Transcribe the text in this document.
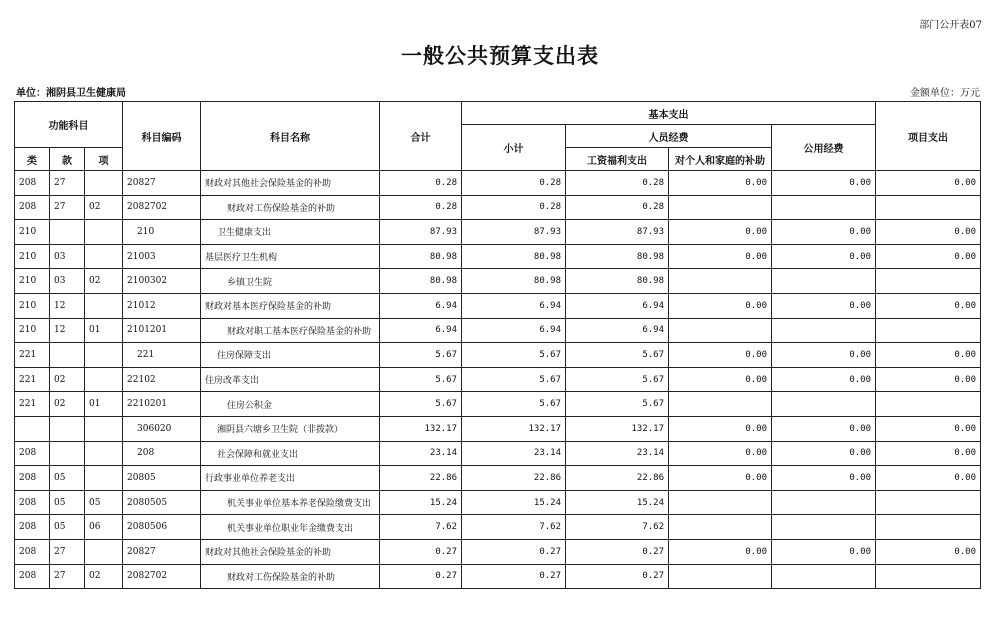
部门公开表07
一般公共预算支出表
单位：湘阴县卫生健康局	金额单位：万元
功能科目			科目编码	科目名称	合计	基本支出				项目支出
						小计	人员经费		公用经费	
类	款	项					工资福利支出	对个人和家庭的补助		
208	27		20827	财政对其他社会保险基金的补助	0.28	0.28	0.28	0.00	0.00	0.00
208	27	02	2082702	财政对工伤保险基金的补助	0.28	0.28	0.28			
210			210	卫生健康支出	87.93	87.93	87.93	0.00	0.00	0.00
210	03		21003	基层医疗卫生机构	80.98	80.98	80.98	0.00	0.00	0.00
210	03	02	2100302	乡镇卫生院	80.98	80.98	80.98			
210	12		21012	财政对基本医疗保险基金的补助	6.94	6.94	6.94	0.00	0.00	0.00
210	12	01	2101201	财政对职工基本医疗保险基金的补助	6.94	6.94	6.94			
221			221	住房保障支出	5.67	5.67	5.67	0.00	0.00	0.00
221	02		22102	住房改革支出	5.67	5.67	5.67	0.00	0.00	0.00
221	02	01	2210201	住房公积金	5.67	5.67	5.67			
			306020	湘阴县六塘乡卫生院（非拨款）	132.17	132.17	132.17	0.00	0.00	0.00
208			208	社会保障和就业支出	23.14	23.14	23.14	0.00	0.00	0.00
208	05		20805	行政事业单位养老支出	22.86	22.86	22.86	0.00	0.00	0.00
208	05	05	2080505	机关事业单位基本养老保险缴费支出	15.24	15.24	15.24			
208	05	06	2080506	机关事业单位职业年金缴费支出	7.62	7.62	7.62			
208	27		20827	财政对其他社会保险基金的补助	0.27	0.27	0.27	0.00	0.00	0.00
208	27	02	2082702	财政对工伤保险基金的补助	0.27	0.27	0.27			
